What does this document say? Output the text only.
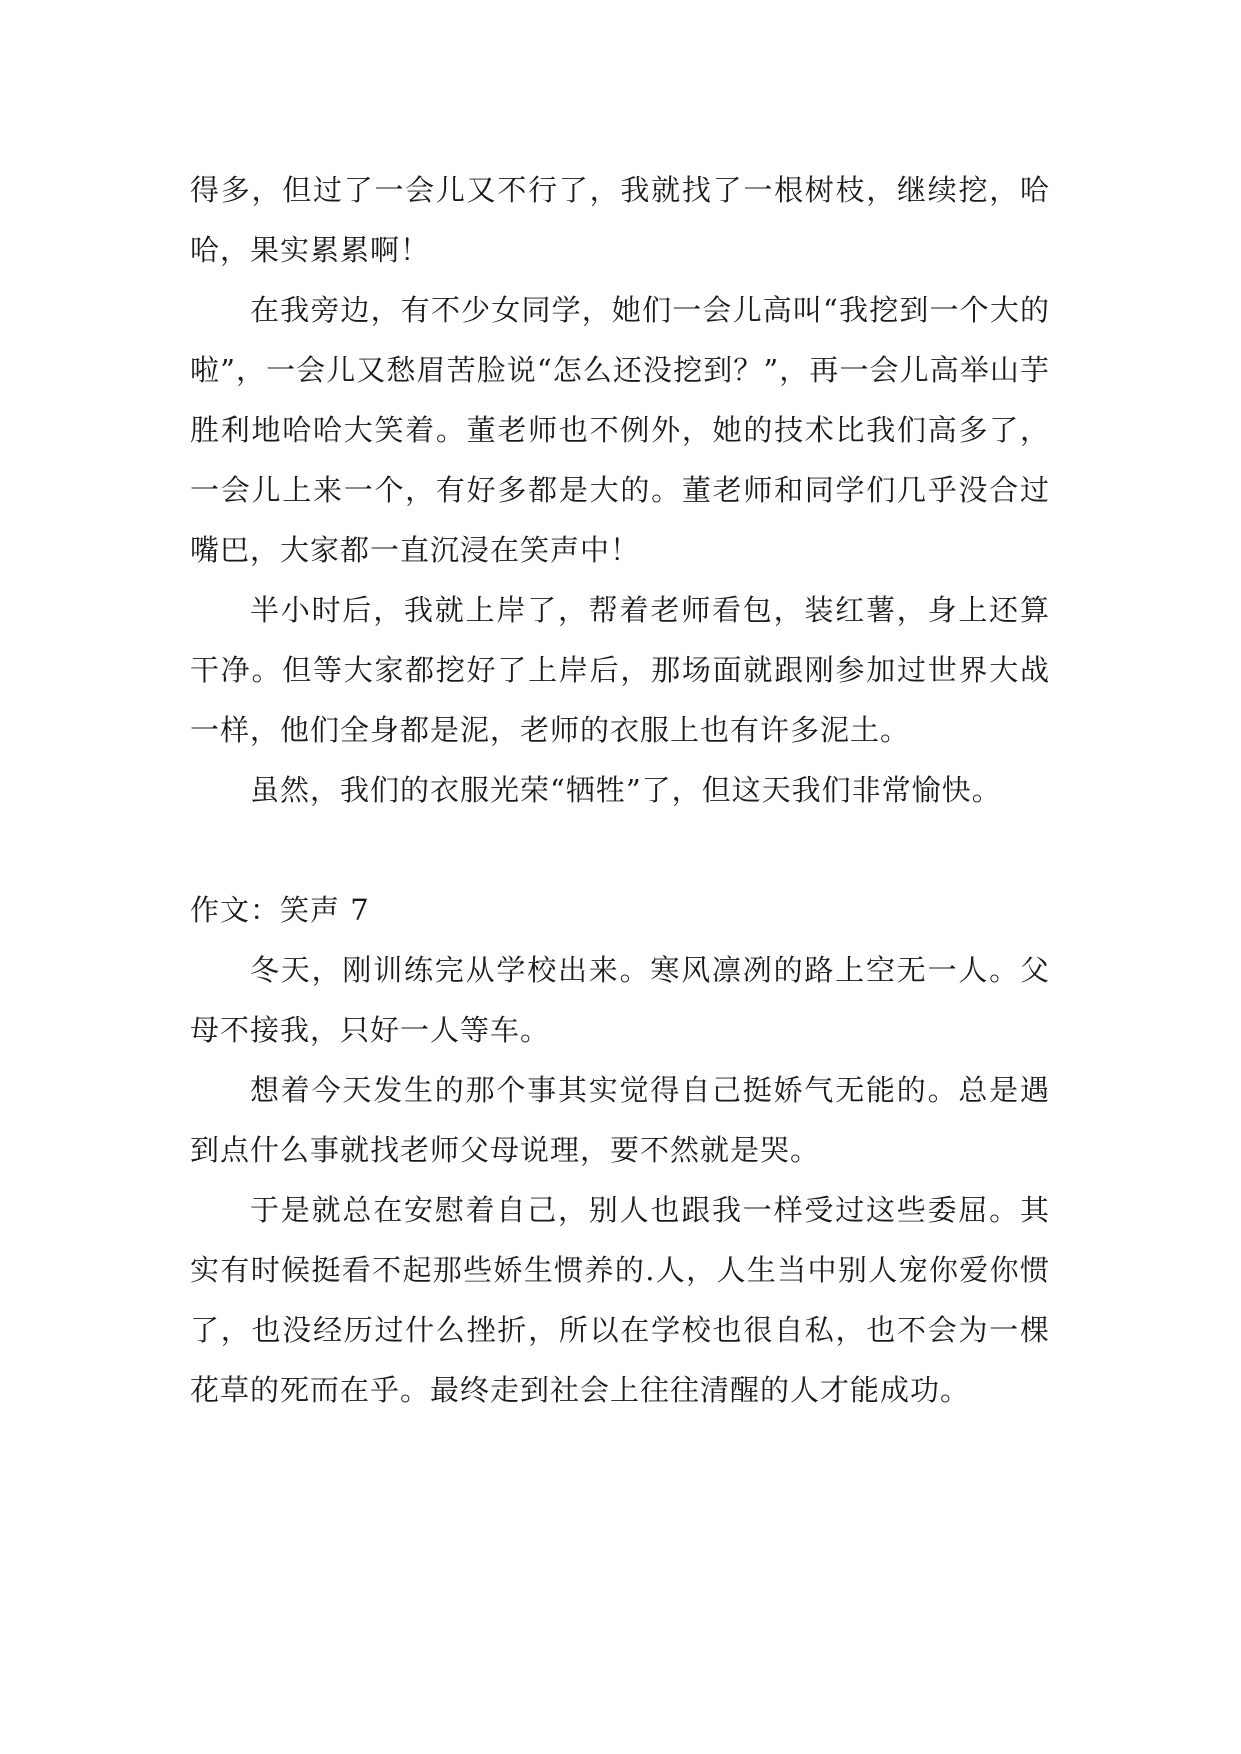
得多，但过了一会儿又不行了，我就找了一根树枝，继续挖，哈哈，果实累累啊！

在我旁边，有不少女同学，她们一会儿高叫“我挖到一个大的啦”，一会儿又愁眉苦脸说“怎么还没挖到？”，再一会儿高举山芋胜利地哈哈大笑着。董老师也不例外，她的技术比我们高多了，一会儿上来一个，有好多都是大的。董老师和同学们几乎没合过嘴巴，大家都一直沉浸在笑声中！

半小时后，我就上岸了，帮着老师看包，装红薯，身上还算干净。但等大家都挖好了上岸后，那场面就跟刚参加过世界大战一样，他们全身都是泥，老师的衣服上也有许多泥土。

虽然，我们的衣服光荣“牺牲”了，但这天我们非常愉快。

作文：笑声 7

冬天，刚训练完从学校出来。寒风凛冽的路上空无一人。父母不接我，只好一人等车。

想着今天发生的那个事其实觉得自己挺娇气无能的。总是遇到点什么事就找老师父母说理，要不然就是哭。

于是就总在安慰着自己，别人也跟我一样受过这些委屈。其实有时候挺看不起那些娇生惯养的.人，人生当中别人宠你爱你惯了，也没经历过什么挫折，所以在学校也很自私，也不会为一棵花草的死而在乎。最终走到社会上往往清醒的人才能成功。
